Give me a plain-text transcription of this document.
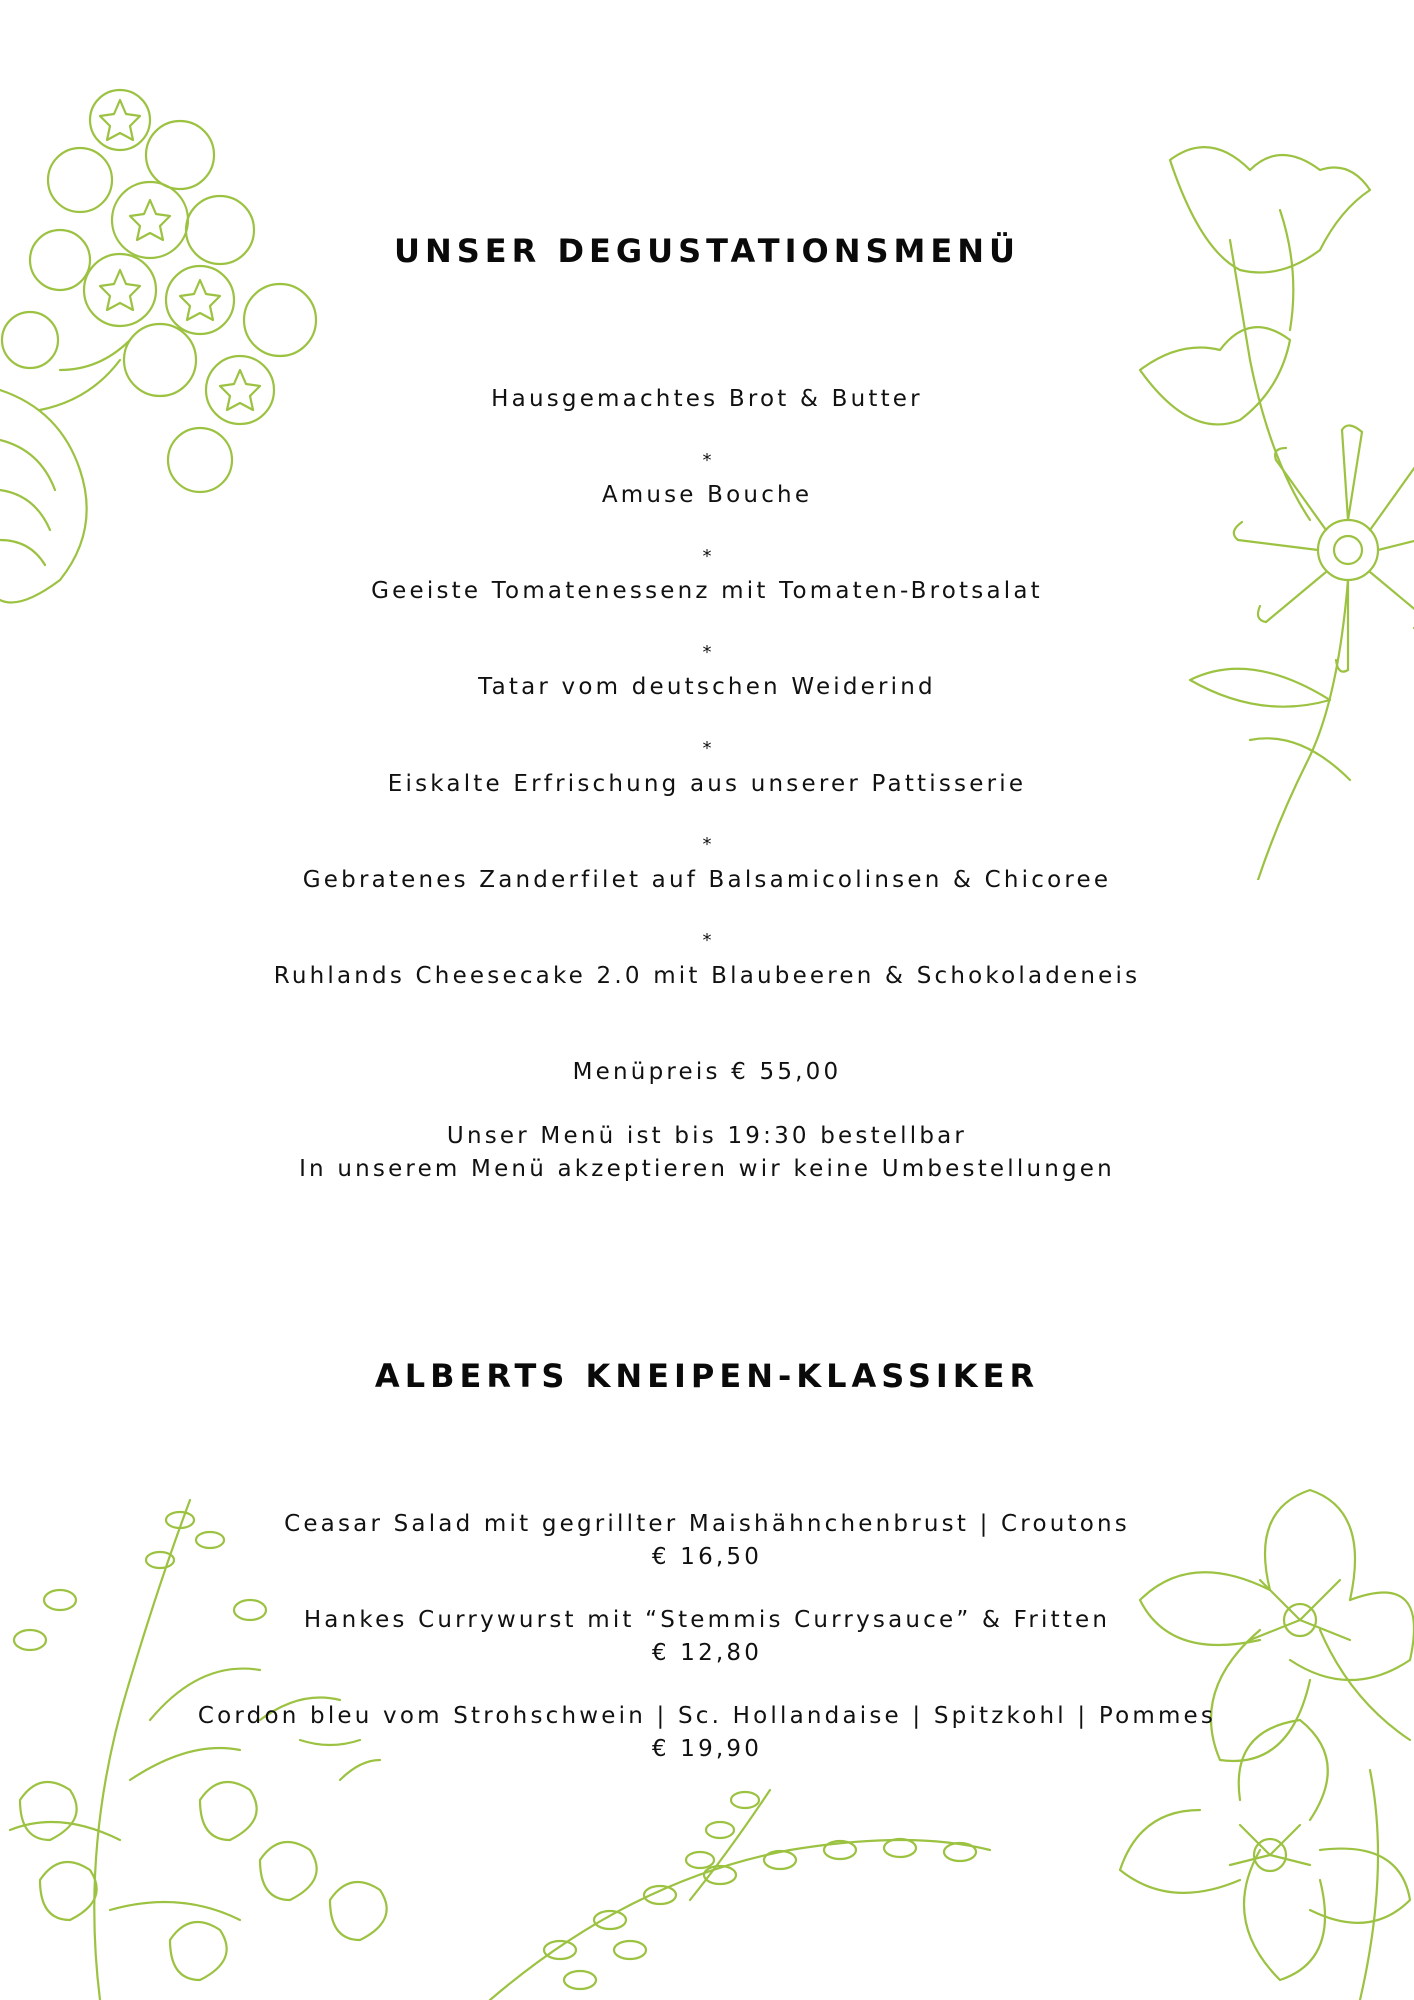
UNSER DEGUSTATIONSMENÜ
Hausgemachtes Brot & Butter
*
Amuse Bouche
*
Geeiste Tomatenessenz mit Tomaten-Brotsalat
*
Tatar vom deutschen Weiderind
*
Eiskalte Erfrischung aus unserer Pattisserie
*
Gebratenes Zanderfilet auf Balsamicolinsen & Chicoree
*
Ruhlands Cheesecake 2.0 mit Blaubeeren & Schokoladeneis
Menüpreis € 55,00
Unser Menü ist bis 19:30 bestellbar
In unserem Menü akzeptieren wir keine Umbestellungen
ALBERTS KNEIPEN-KLASSIKER
Ceasar Salad mit gegrillter Maishähnchenbrust | Croutons
€ 16,50
Hankes Currywurst mit “Stemmis Currysauce” & Fritten
€ 12,80
Cordon bleu vom Strohschwein | Sc. Hollandaise | Spitzkohl | Pommes
€ 19,90
